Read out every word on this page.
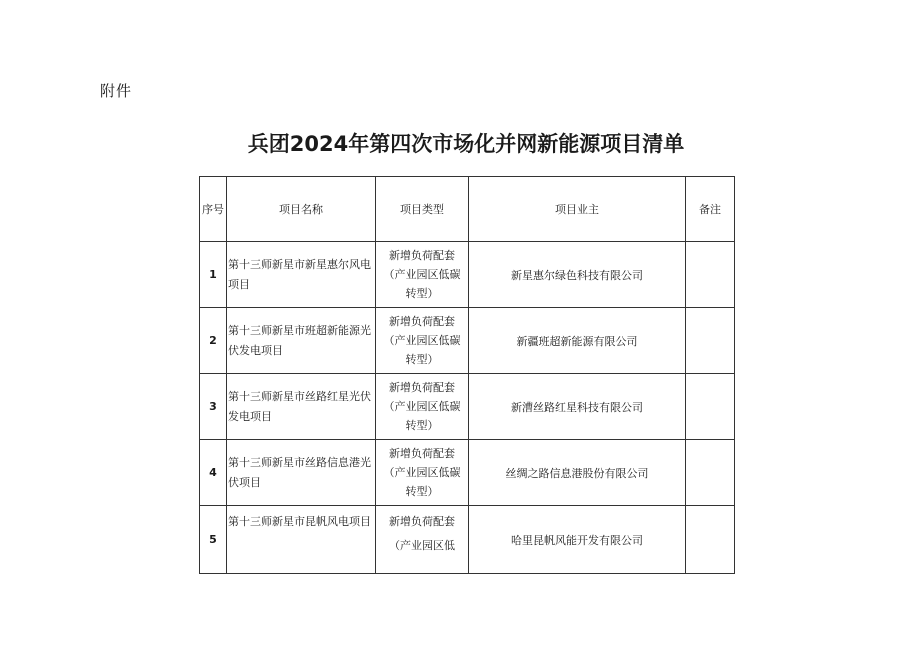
附件
兵团2024年第四次市场化并网新能源项目清单
序号	项目名称	项目类型	项目业主	备注
1	第十三师新星市新星惠尔风电项目	新增负荷配套
（产业园区低碳
转型）	新星惠尔绿色科技有限公司	
2	第十三师新星市班超新能源光伏发电项目	新增负荷配套
（产业园区低碳
转型）	新疆班超新能源有限公司	
3	第十三师新星市丝路红星光伏发电项目	新增负荷配套
（产业园区低碳
转型）	新漕丝路红星科技有限公司	
4	第十三师新星市丝路信息港光伏项目	新增负荷配套
（产业园区低碳
转型）	丝绸之路信息港股份有限公司	
5	第十三师新星市昆帆风电项目	新增负荷配套
（产业园区低	哈里昆帆风能开发有限公司	
